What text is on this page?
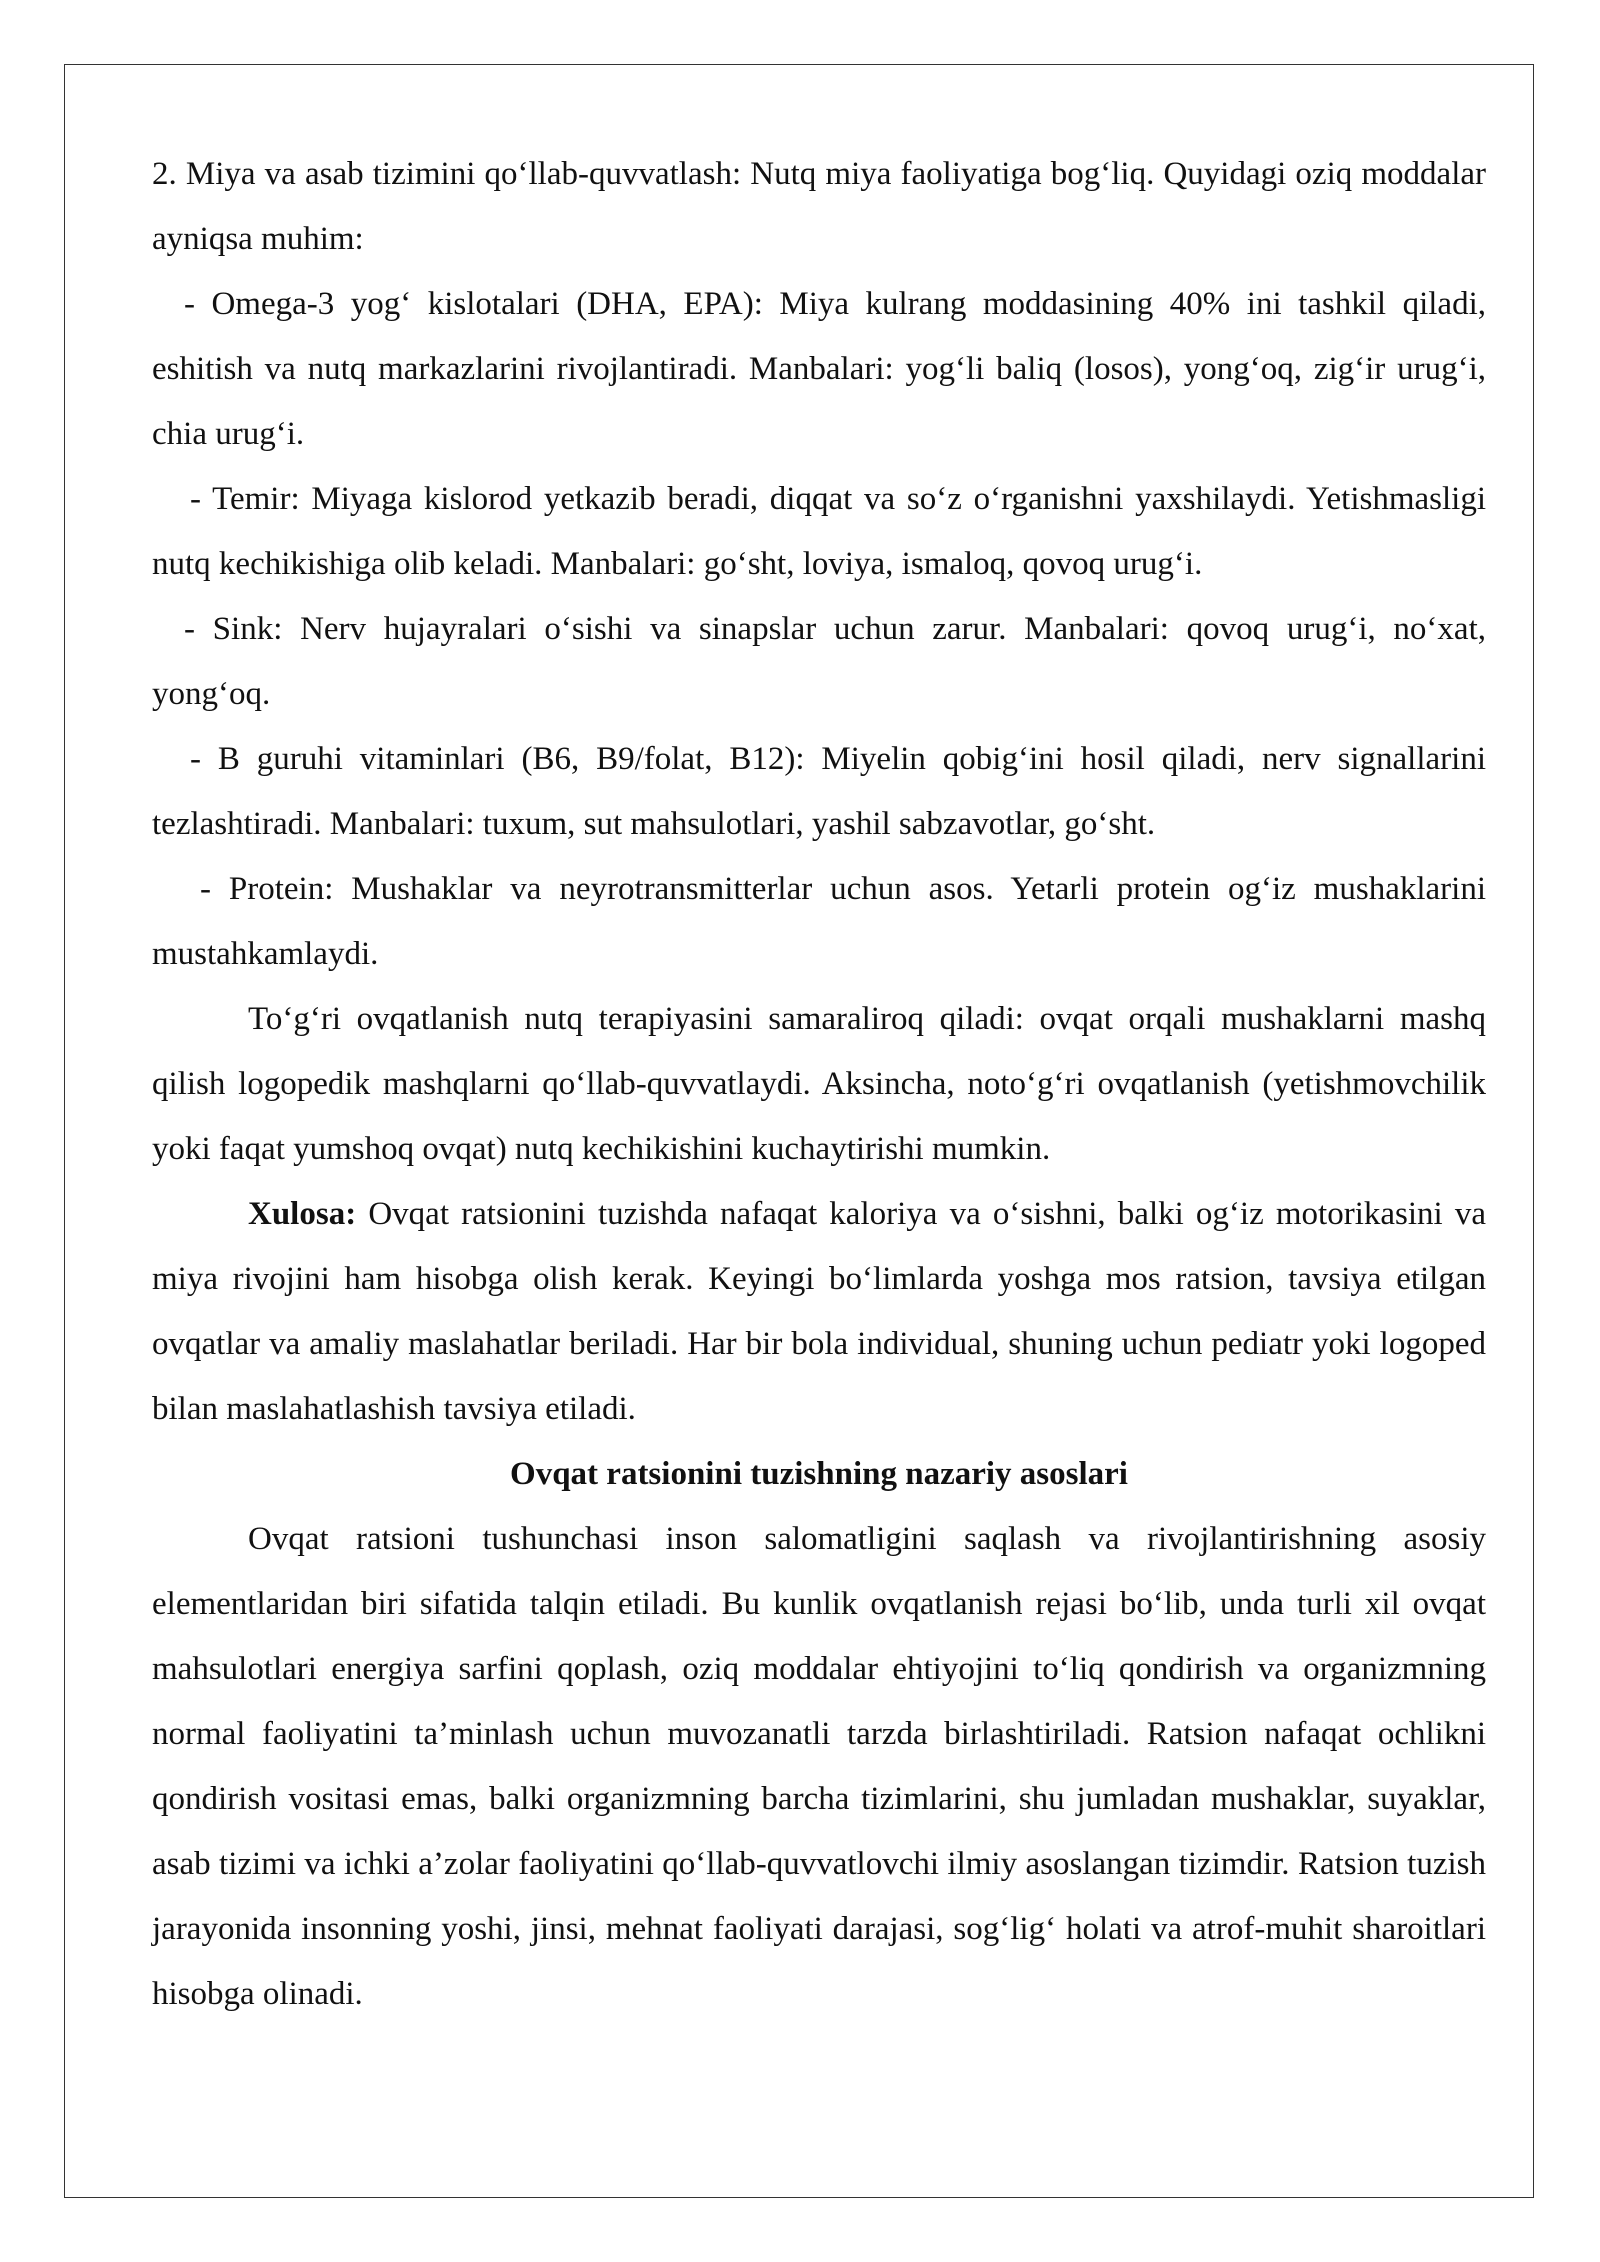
2. Miya va asab tizimini qo‘llab-quvvatlash: Nutq miya faoliyatiga bog‘liq. Quyidagi oziq moddalar ayniqsa muhim:

- Omega-3 yog‘ kislotalari (DHA, EPA): Miya kulrang moddasining 40% ini tashkil qiladi, eshitish va nutq markazlarini rivojlantiradi. Manbalari: yog‘li baliq (losos), yong‘oq, zig‘ir urug‘i, chia urug‘i.

- Temir: Miyaga kislorod yetkazib beradi, diqqat va so‘z o‘rganishni yaxshilaydi. Yetishmasligi nutq kechikishiga olib keladi. Manbalari: go‘sht, loviya, ismaloq, qovoq urug‘i.

- Sink: Nerv hujayralari o‘sishi va sinapslar uchun zarur. Manbalari: qovoq urug‘i, no‘xat, yong‘oq.

- B guruhi vitaminlari (B6, B9/folat, B12): Miyelin qobig‘ini hosil qiladi, nerv signallarini tezlashtiradi. Manbalari: tuxum, sut mahsulotlari, yashil sabzavotlar, go‘sht.

- Protein: Mushaklar va neyrotransmitterlar uchun asos. Yetarli protein og‘iz mushaklarini mustahkamlaydi.

To‘g‘ri ovqatlanish nutq terapiyasini samaraliroq qiladi: ovqat orqali mushaklarni mashq qilish logopedik mashqlarni qo‘llab-quvvatlaydi. Aksincha, noto‘g‘ri ovqatlanish (yetishmovchilik yoki faqat yumshoq ovqat) nutq kechikishini kuchaytirishi mumkin.

Xulosa: Ovqat ratsionini tuzishda nafaqat kaloriya va o‘sishni, balki og‘iz motorikasini va miya rivojini ham hisobga olish kerak. Keyingi bo‘limlarda yoshga mos ratsion, tavsiya etilgan ovqatlar va amaliy maslahatlar beriladi. Har bir bola individual, shuning uchun pediatr yoki logoped bilan maslahatlashish tavsiya etiladi.

Ovqat ratsionini tuzishning nazariy asoslari

Ovqat ratsioni tushunchasi inson salomatligini saqlash va rivojlantirishning asosiy elementlaridan biri sifatida talqin etiladi. Bu kunlik ovqatlanish rejasi bo‘lib, unda turli xil ovqat mahsulotlari energiya sarfini qoplash, oziq moddalar ehtiyojini to‘liq qondirish va organizmning normal faoliyatini ta’minlash uchun muvozanatli tarzda birlashtiriladi. Ratsion nafaqat ochlikni qondirish vositasi emas, balki organizmning barcha tizimlarini, shu jumladan mushaklar, suyaklar, asab tizimi va ichki a’zolar faoliyatini qo‘llab-quvvatlovchi ilmiy asoslangan tizimdir. Ratsion tuzish jarayonida insonning yoshi, jinsi, mehnat faoliyati darajasi, sog‘lig‘ holati va atrof-muhit sharoitlari hisobga olinadi.
